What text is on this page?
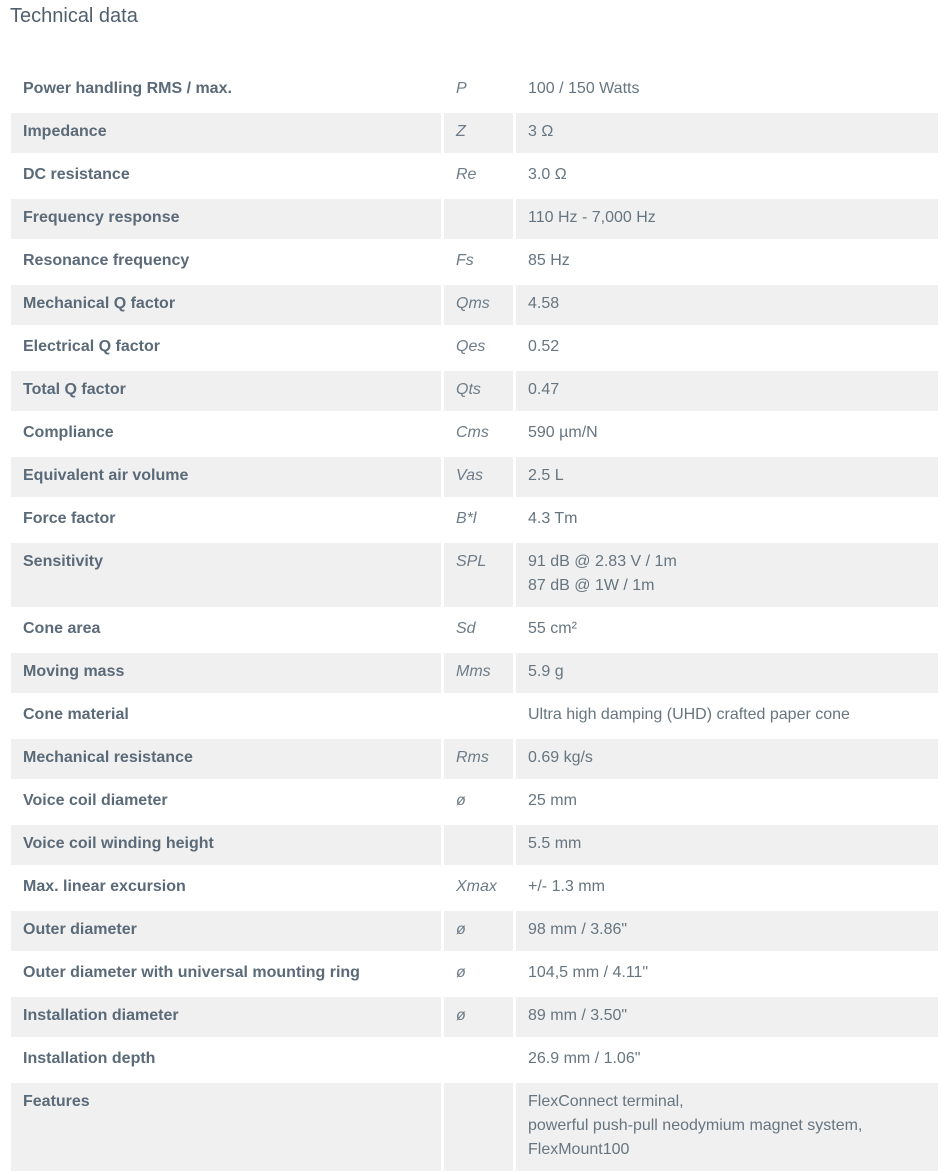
Technical data
Power handling RMS / max.	P	100 / 150 Watts
Impedance	Z	3 Ω
DC resistance	Re	3.0 Ω
Frequency response		110 Hz - 7,000 Hz
Resonance frequency	Fs	85 Hz
Mechanical Q factor	Qms	4.58
Electrical Q factor	Qes	0.52
Total Q factor	Qts	0.47
Compliance	Cms	590 µm/N
Equivalent air volume	Vas	2.5 L
Force factor	B*l	4.3 Tm
Sensitivity	SPL	91 dB @ 2.83 V / 1m
87 dB @ 1W / 1m
Cone area	Sd	55 cm²
Moving mass	Mms	5.9 g
Cone material		Ultra high damping (UHD) crafted paper cone
Mechanical resistance	Rms	0.69 kg/s
Voice coil diameter	ø	25 mm
Voice coil winding height		5.5 mm
Max. linear excursion	Xmax	+/- 1.3 mm
Outer diameter	ø	98 mm / 3.86"
Outer diameter with universal mounting ring	ø	104,5 mm / 4.11"
Installation diameter	ø	89 mm / 3.50"
Installation depth		26.9 mm / 1.06"
Features		FlexConnect terminal,
powerful push-pull neodymium magnet system,
FlexMount100
